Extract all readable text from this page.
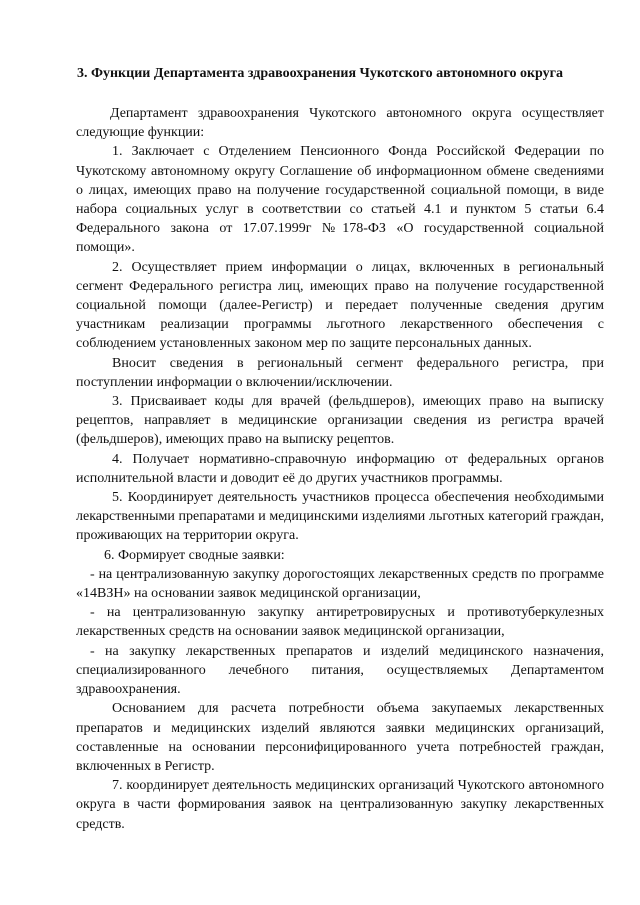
3. Функции Департамента здравоохранения Чукотского автономного округа

Департамент здравоохранения Чукотского автономного округа осуществляет следующие функции:

1. Заключает с Отделением Пенсионного Фонда Российской Федерации по Чукотскому автономному округу Соглашение об информационном обмене сведениями о лицах, имеющих право на получение государственной социальной помощи, в виде набора социальных услуг в соответствии со статьей 4.1 и пунктом 5 статьи 6.4 Федерального закона от 17.07.1999г №178-ФЗ «О государственной социальной помощи».

2. Осуществляет прием информации о лицах, включенных в региональный сегмент Федерального регистра лиц, имеющих право на получение государственной социальной помощи (далее-Регистр) и передает полученные сведения другим участникам реализации программы льготного лекарственного обеспечения с соблюдением установленных законом мер по защите персональных данных.

Вносит сведения в региональный сегмент федерального регистра, при поступлении информации о включении/исключении.

3. Присваивает коды для врачей (фельдшеров), имеющих право на выписку рецептов, направляет в медицинские организации сведения из регистра врачей (фельдшеров), имеющих право на выписку рецептов.

4. Получает нормативно-справочную информацию от федеральных органов исполнительной власти и доводит её до других участников программы.

5. Координирует деятельность участников процесса обеспечения необходимыми лекарственными препаратами и медицинскими изделиями льготных категорий граждан, проживающих на территории округа.

6. Формирует сводные заявки:

- на централизованную закупку дорогостоящих лекарственных средств по программе «14ВЗН» на основании заявок медицинской организации,

- на централизованную закупку антиретровирусных и противотуберкулезных лекарственных средств на основании заявок медицинской организации,

- на закупку лекарственных препаратов и изделий медицинского назначения, специализированного лечебного питания, осуществляемых Департаментом здравоохранения.

Основанием для расчета потребности объема закупаемых лекарственных препаратов и медицинских изделий являются заявки медицинских организаций, составленные на основании персонифицированного учета потребностей граждан, включенных в Регистр.

7. координирует деятельность медицинских организаций Чукотского автономного округа в части формирования заявок на централизованную закупку лекарственных средств.
